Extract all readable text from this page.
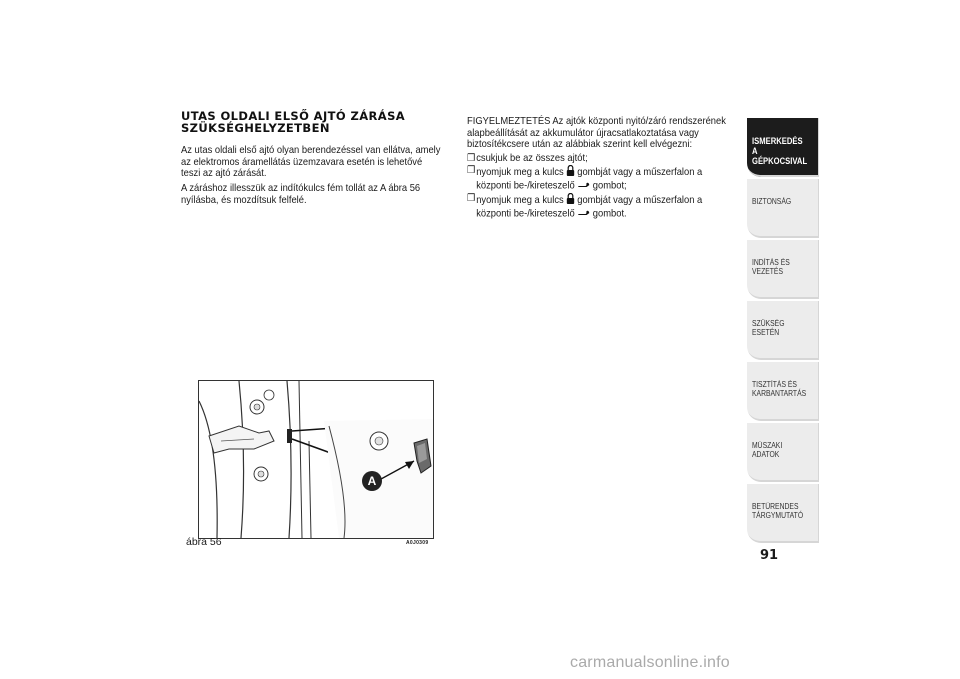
UTAS OLDALI ELSŐ AJTÓ ZÁRÁSA
SZÜKSÉGHELYZETBEN
Az utas oldali első ajtó olyan berendezéssel van ellátva, amely az elektromos áramellátás üzemzavara esetén is lehetővé teszi az ajtó zárását.
A záráshoz illesszük az indítókulcs fém tollát az A ábra 56 nyílásba, és mozdítsuk felfelé.
A
ábra 56	A0J0309
FIGYELMEZTETÉS Az ajtók központi nyitó/záró rendszerének alapbeállítását az akkumulátor újracsatlakoztatása vagy biztosítékcsere után az alábbiak szerint kell elvégezni:
❒ csukjuk be az összes ajtót;
❒ nyomjuk meg a kulcs gombját vagy a műszerfalon a központi be-/kireteszelő gombot;
❒ nyomjuk meg a kulcs gombját vagy a műszerfalon a központi be-/kireteszelő gombot.
ISMERKEDÉS A GÉPKOCSIVAL
BIZTONSÁG
INDÍTÁS ÉS VEZETÉS
SZÜKSÉG ESETÉN
TISZTÍTÁS ÉS KARBANTARTÁS
MŰSZAKI ADATOK
BETŰRENDES TÁRGYMUTATÓ
91
carmanualsonline.info
